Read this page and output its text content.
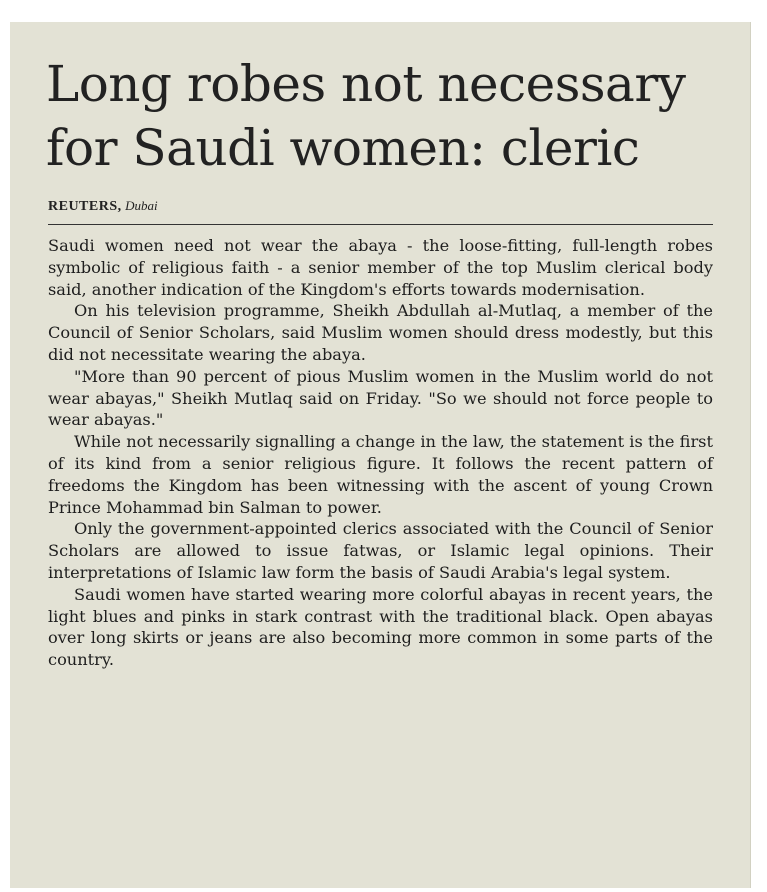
Long robes not necessary for Saudi women: cleric
REUTERS, Dubai

Saudi women need not wear the abaya - the loose-fitting, full-length robes symbolic of religious faith - a senior member of the top Muslim clerical body said, another indication of the Kingdom's efforts towards modernisation.

On his television programme, Sheikh Abdullah al-Mutlaq, a member of the Council of Senior Scholars, said Muslim women should dress modestly, but this did not necessitate wearing the abaya.

"More than 90 percent of pious Muslim women in the Muslim world do not wear abayas," Sheikh Mutlaq said on Friday. "So we should not force people to wear abayas."

While not necessarily signalling a change in the law, the statement is the first of its kind from a senior religious figure. It follows the recent pattern of freedoms the Kingdom has been witnessing with the ascent of young Crown Prince Mohammad bin Salman to power.

Only the government-appointed clerics associated with the Council of Senior Scholars are allowed to issue fatwas, or Islamic legal opinions. Their interpretations of Islamic law form the basis of Saudi Arabia's legal system.

Saudi women have started wearing more colorful abayas in recent years, the light blues and pinks in stark contrast with the traditional black. Open abayas over long skirts or jeans are also becoming more common in some parts of the country.
